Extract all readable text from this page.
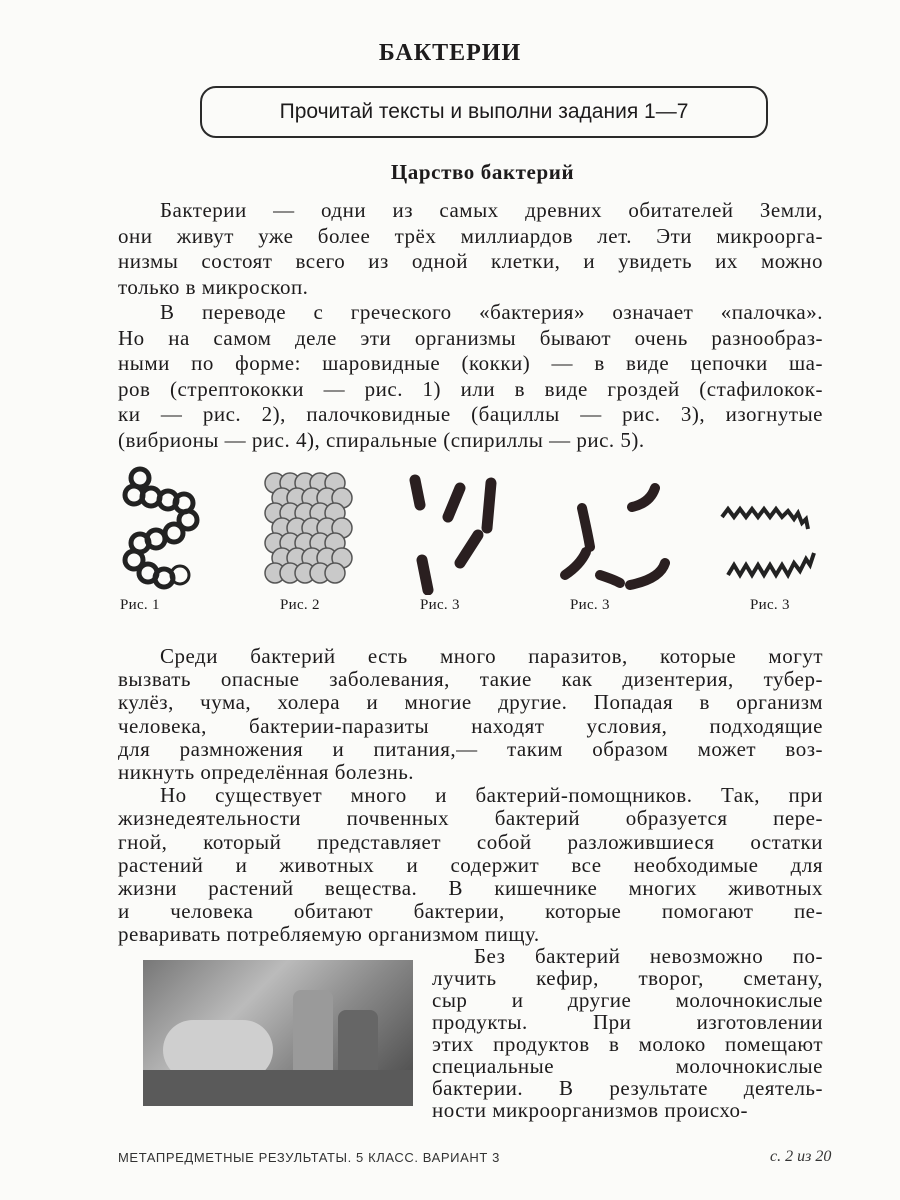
БАКТЕРИИ
Прочитай тексты и выполни задания 1—7
Царство бактерий
Бактерии — одни из самых древних обитателей Земли,
они живут уже более трёх миллиардов лет. Эти микроорга-
низмы состоят всего из одной клетки, и увидеть их можно
только в микроскоп.
В переводе с греческого «бактерия» означает «палочка».
Но на самом деле эти организмы бывают очень разнообраз-
ными по форме: шаровидные (кокки) — в виде цепочки ша-
ров (стрептококки — рис. 1) или в виде гроздей (стафилокок-
ки — рис. 2), палочковидные (бациллы — рис. 3), изогнутые
(вибрионы — рис. 4), спиральные (спириллы — рис. 5).
Рис. 1	Рис. 2	Рис. 3	Рис. 3	Рис. 3
Среди бактерий есть много паразитов, которые могут
вызвать опасные заболевания, такие как дизентерия, тубер-
кулёз, чума, холера и многие другие. Попадая в организм
человека, бактерии-паразиты находят условия, подходящие
для размножения и питания,— таким образом может воз-
никнуть определённая болезнь.
Но существует много и бактерий-помощников. Так, при
жизнедеятельности почвенных бактерий образуется пере-
гной, который представляет собой разложившиеся остатки
растений и животных и содержит все необходимые для
жизни растений вещества. В кишечнике многих животных
и человека обитают бактерии, которые помогают пе-
реваривать потребляемую организмом пищу.
Без бактерий невозможно по-
лучить кефир, творог, сметану,
сыр и другие молочнокислые
продукты. При изготовлении
этих продуктов в молоко помещают
специальные молочнокислые
бактерии. В результате деятель-
ности микроорганизмов происхо-
МЕТАПРЕДМЕТНЫЕ РЕЗУЛЬТАТЫ. 5 КЛАСС. ВАРИАНТ 3	с. 2 из 20
